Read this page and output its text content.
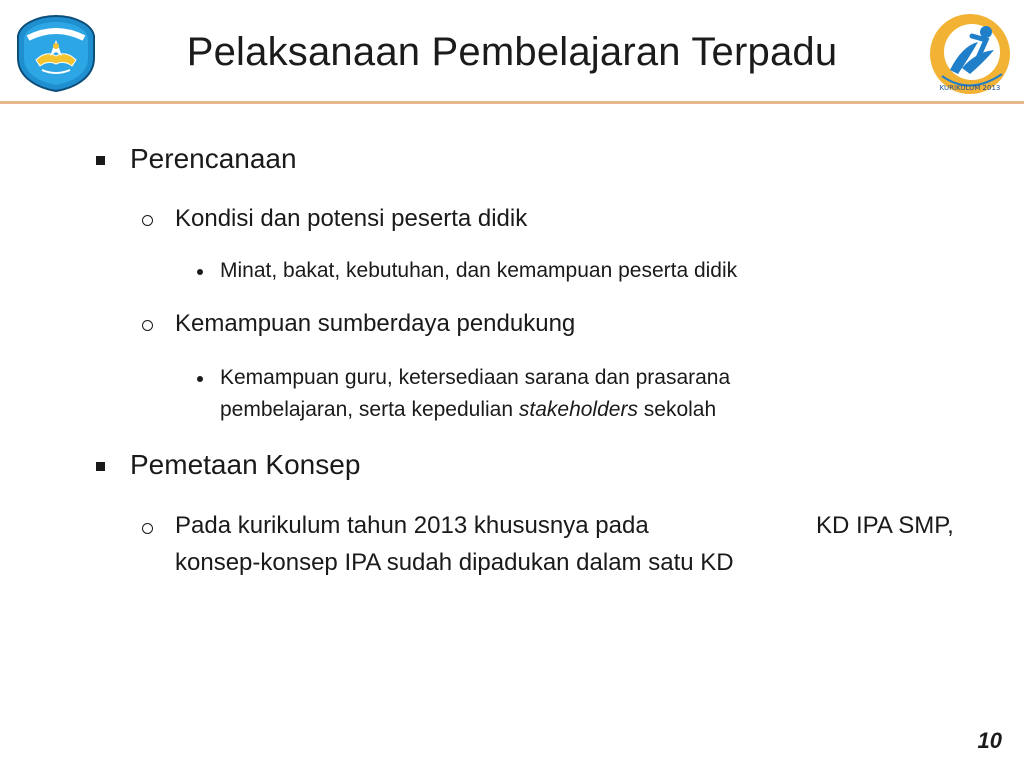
Pelaksanaan Pembelajaran Terpadu
KURIKULUM 2013
Perencanaan
Kondisi dan potensi peserta didik
Minat, bakat, kebutuhan, dan kemampuan peserta didik
Kemampuan sumberdaya pendukung
Kemampuan guru, ketersediaan sarana dan prasarana
pembelajaran, serta kepedulian stakeholders sekolah
Pemetaan Konsep
Pada kurikulum tahun 2013 khususnya pada	KD IPA SMP,
konsep-konsep IPA sudah dipadukan dalam satu KD
10
